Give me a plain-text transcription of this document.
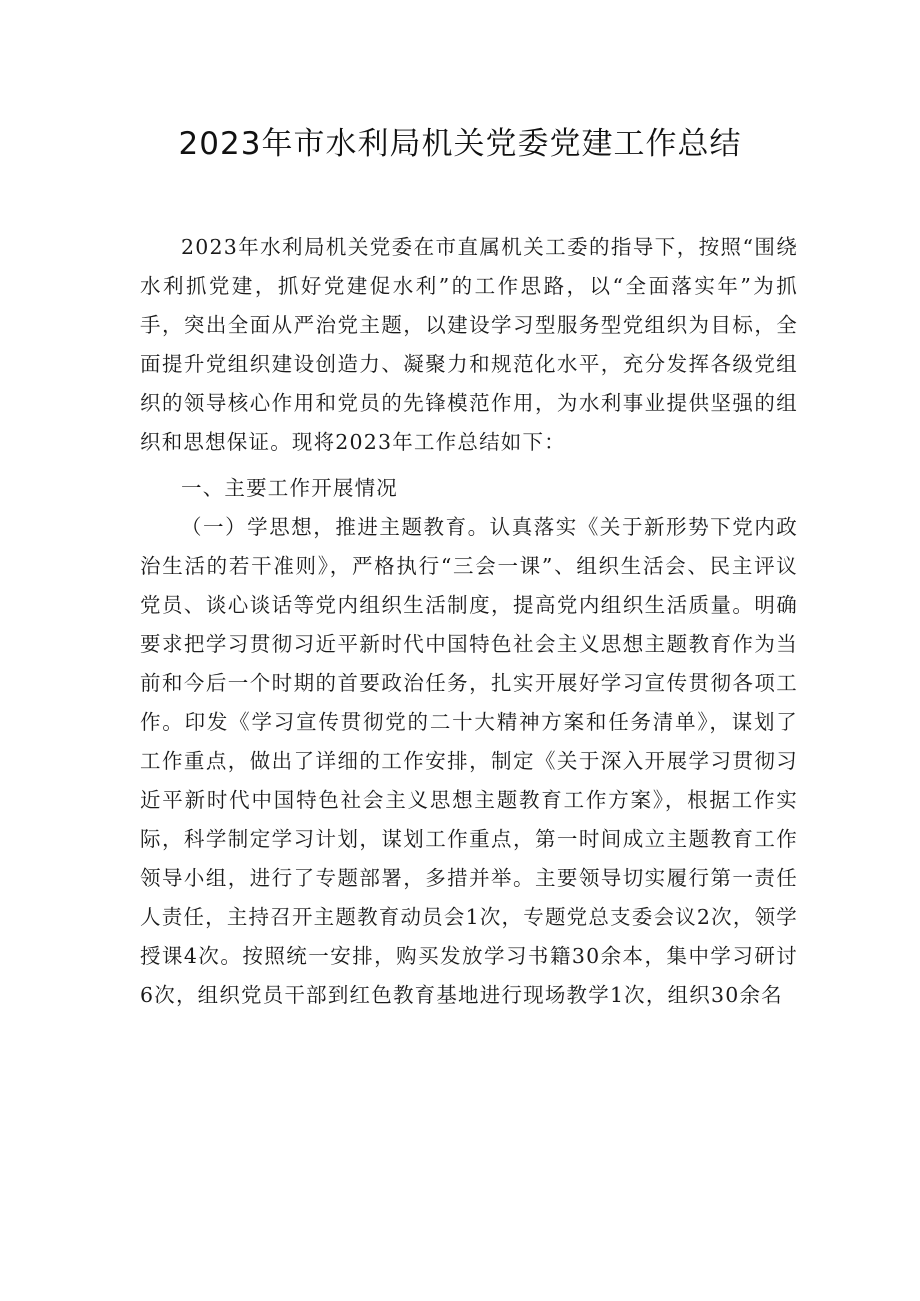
2023年市水利局机关党委党建工作总结

2023年水利局机关党委在市直属机关工委的指导下，按照“围绕水利抓党建，抓好党建促水利”的工作思路，以“全面落实年”为抓手，突出全面从严治党主题，以建设学习型服务型党组织为目标，全面提升党组织建设创造力、凝聚力和规范化水平，充分发挥各级党组织的领导核心作用和党员的先锋模范作用，为水利事业提供坚强的组织和思想保证。现将2023年工作总结如下：

一、主要工作开展情况

（一）学思想，推进主题教育。认真落实《关于新形势下党内政治生活的若干准则》，严格执行“三会一课”、组织生活会、民主评议党员、谈心谈话等党内组织生活制度，提高党内组织生活质量。明确要求把学习贯彻习近平新时代中国特色社会主义思想主题教育作为当前和今后一个时期的首要政治任务，扎实开展好学习宣传贯彻各项工作。印发《学习宣传贯彻党的二十大精神方案和任务清单》，谋划了工作重点，做出了详细的工作安排，制定《关于深入开展学习贯彻习近平新时代中国特色社会主义思想主题教育工作方案》，根据工作实际，科学制定学习计划，谋划工作重点，第一时间成立主题教育工作领导小组，进行了专题部署，多措并举。主要领导切实履行第一责任人责任，主持召开主题教育动员会1次，专题党总支委会议2次，领学授课4次。按照统一安排，购买发放学习书籍30余本，集中学习研讨6次，组织党员干部到红色教育基地进行现场教学1次，组织30余名
